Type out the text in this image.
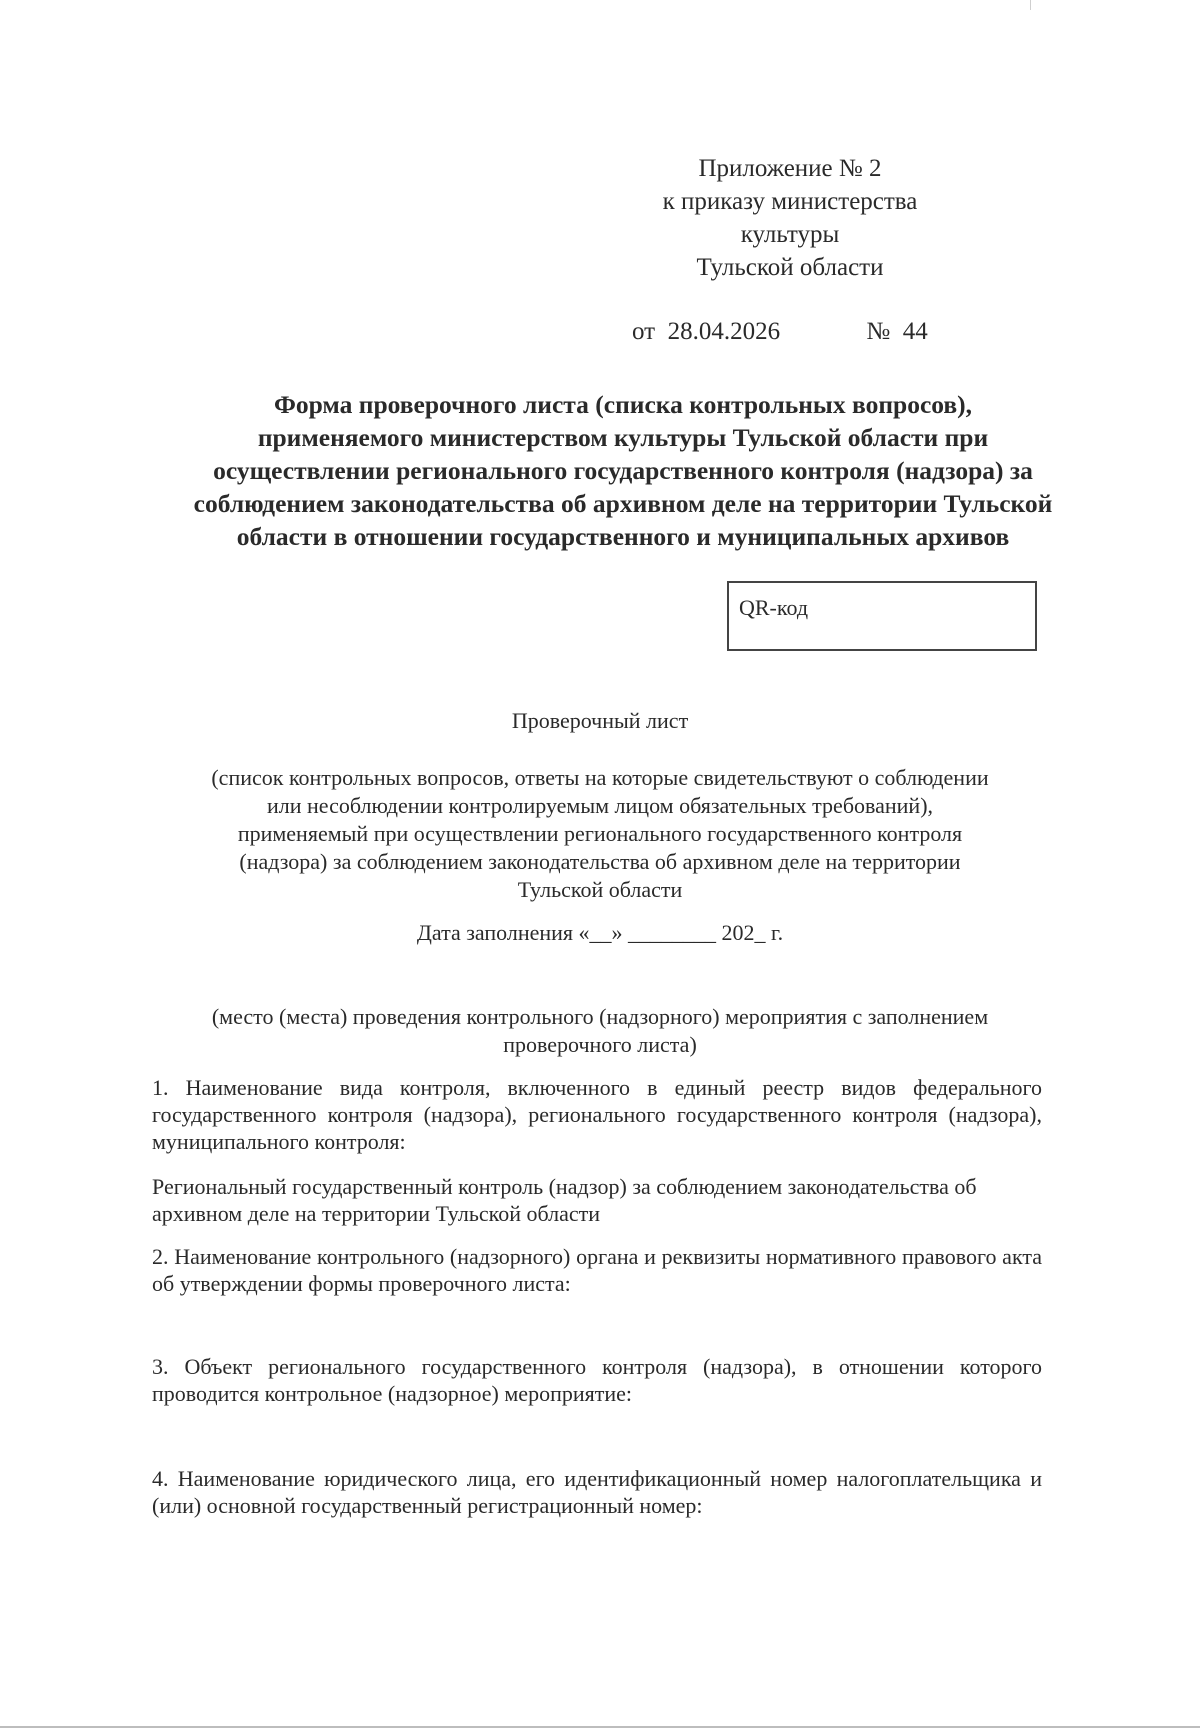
Приложение № 2
к приказу министерства
культуры
Тульской области
от 28.04.2026	№ 44
Форма проверочного листа (списка контрольных вопросов),
применяемого министерством культуры Тульской области при
осуществлении регионального государственного контроля (надзора) за
соблюдением законодательства об архивном деле на территории Тульской
области в отношении государственного и муниципальных архивов
QR-код
Проверочный лист
(список контрольных вопросов, ответы на которые свидетельствуют о соблюдении
или несоблюдении контролируемым лицом обязательных требований),
применяемый при осуществлении регионального государственного контроля
(надзора) за соблюдением законодательства об архивном деле на территории
Тульской области
Дата заполнения «__» ________ 202_ г.
(место (места) проведения контрольного (надзорного) мероприятия с заполнением
проверочного листа)
1. Наименование вида контроля, включенного в единый реестр видов федерального государственного контроля (надзора), регионального государственного контроля (надзора), муниципального контроля:
Региональный государственный контроль (надзор) за соблюдением законодательства об архивном деле на территории Тульской области
2. Наименование контрольного (надзорного) органа и реквизиты нормативного правового акта об утверждении формы проверочного листа:
3. Объект регионального государственного контроля (надзора), в отношении которого проводится контрольное (надзорное) мероприятие:
4. Наименование юридического лица, его идентификационный номер налогоплательщика и (или) основной государственный регистрационный номер:
